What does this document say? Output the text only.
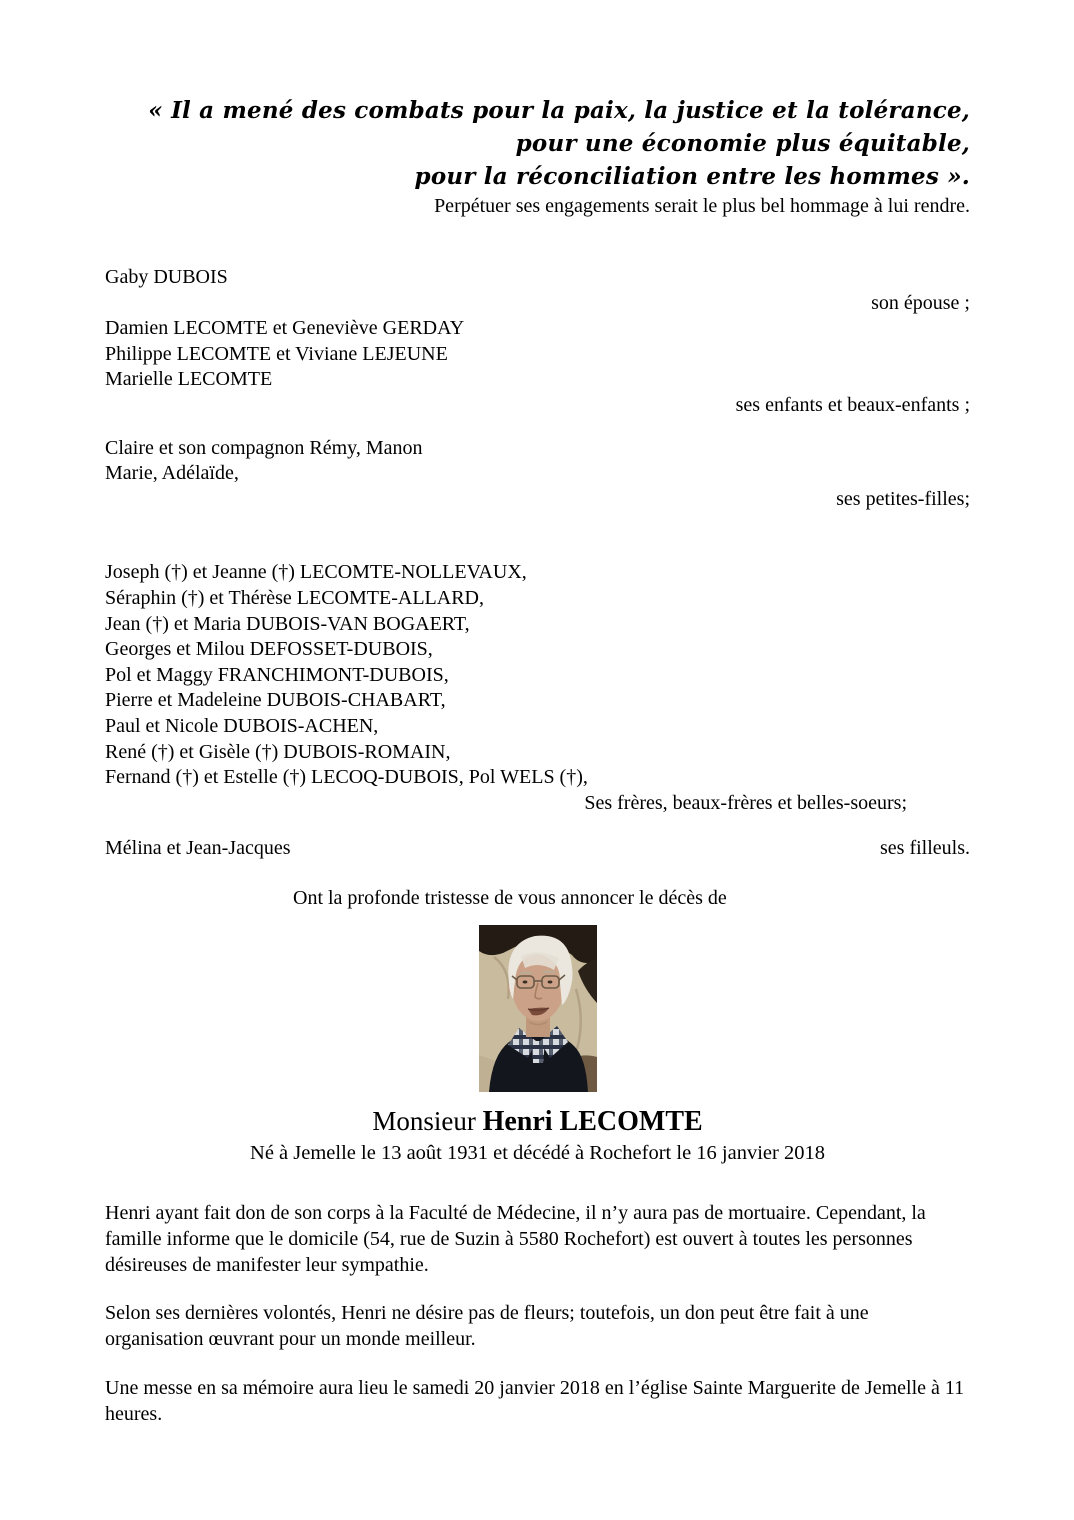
« Il a mené des combats pour la paix, la justice et la tolérance, pour une économie plus équitable,
pour la réconciliation entre les hommes ».
Perpétuer ses engagements serait le plus bel hommage à lui rendre.
Gaby DUBOIS
son épouse ;
Damien LECOMTE et Geneviève GERDAY
Philippe LECOMTE et Viviane LEJEUNE
Marielle LECOMTE
ses enfants et beaux-enfants ;
Claire et son compagnon Rémy, Manon
Marie, Adélaïde,
ses petites-filles;
Joseph (†) et Jeanne (†) LECOMTE-NOLLEVAUX,
Séraphin (†) et Thérèse LECOMTE-ALLARD,
Jean (†) et Maria DUBOIS-VAN BOGAERT,
Georges et Milou DEFOSSET-DUBOIS,
Pol et Maggy FRANCHIMONT-DUBOIS,
Pierre et Madeleine DUBOIS-CHABART,
Paul et Nicole DUBOIS-ACHEN,
René (†) et Gisèle (†) DUBOIS-ROMAIN,
Fernand (†) et Estelle (†) LECOQ-DUBOIS, Pol WELS (†),
Ses frères, beaux-frères et belles-soeurs;
Mélina et Jean-Jacques	ses filleuls.
Ont la profonde tristesse de vous annoncer le décès de
Monsieur Henri LECOMTE
Né à Jemelle le 13 août 1931 et décédé à Rochefort le 16 janvier 2018

Henri ayant fait don de son corps à la Faculté de Médecine, il n’y aura pas de mortuaire. Cependant, la famille informe que le domicile (54, rue de Suzin à 5580 Rochefort) est ouvert à toutes les personnes désireuses de manifester leur sympathie.

Selon ses dernières volontés, Henri ne désire pas de fleurs; toutefois, un don peut être fait à une organisation œuvrant pour un monde meilleur.

Une messe en sa mémoire aura lieu le samedi 20 janvier 2018 en l’église Sainte Marguerite de Jemelle à 11 heures.
